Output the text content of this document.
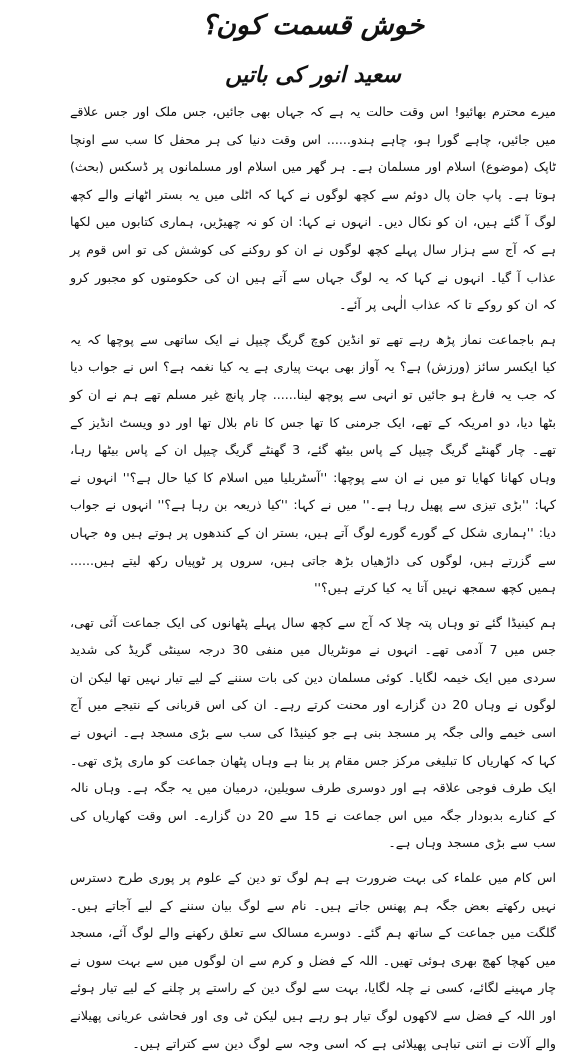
خوش قسمت کون؟
سعید انور کی باتیں

میرے محترم بھائیو! اس وقت حالت یہ ہے کہ جہاں بھی جائیں، جس ملک اور جس علاقے میں جائیں، چاہے گورا ہو، چاہے ہندو...... اس وقت دنیا کی ہر محفل کا سب سے اونچا ٹاپک (موضوع) اسلام اور مسلمان ہے۔ ہر گھر میں اسلام اور مسلمانوں پر ڈسکس (بحث) ہوتا ہے۔ پاپ جان پال دوئم سے کچھ لوگوں نے کہا کہ اٹلی میں یہ بستر اٹھانے والے کچھ لوگ آ گئے ہیں، ان کو نکال دیں۔ انہوں نے کہا: ان کو نہ چھیڑیں، ہماری کتابوں میں لکھا ہے کہ آج سے ہزار سال پہلے کچھ لوگوں نے ان کو روکنے کی کوشش کی تو اس قوم پر عذاب آ گیا۔ انہوں نے کہا کہ یہ لوگ جہاں سے آتے ہیں ان کی حکومتوں کو مجبور کرو کہ ان کو روکے تا کہ عذاب الٰہی پر آئے۔

ہم باجماعت نماز پڑھ رہے تھے تو انڈین کوچ گریگ چیپل نے ایک ساتھی سے پوچھا کہ یہ کیا ایکسر سائز (ورزش) ہے؟ یہ آواز بھی بہت پیاری ہے یہ کیا نغمہ ہے؟ اس نے جواب دیا کہ جب یہ فارغ ہو جائیں تو انہی سے پوچھ لینا...... چار پانچ غیر مسلم تھے ہم نے ان کو بٹھا دیا، دو امریکہ کے تھے، ایک جرمنی کا تھا جس کا نام بلال تھا اور دو ویسٹ انڈیز کے تھے۔ چار گھنٹے گریگ چیپل کے پاس بیٹھ گئے، 3 گھنٹے گریگ چیپل ان کے پاس بیٹھا رہا، وہاں کھانا کھایا تو میں نے ان سے پوچھا: ''آسٹریلیا میں اسلام کا کیا حال ہے؟'' انہوں نے کہا: ''بڑی تیزی سے پھیل رہا ہے۔'' میں نے کہا: ''کیا ذریعہ بن رہا ہے؟'' انہوں نے جواب دیا: ''ہماری شکل کے گورے گورے لوگ آتے ہیں، بستر ان کے کندھوں پر ہوتے ہیں وہ جہاں سے گزرتے ہیں، لوگوں کی داڑھیاں بڑھ جاتی ہیں، سروں پر ٹوپیاں رکھ لیتے ہیں...... ہمیں کچھ سمجھ نہیں آتا یہ کیا کرتے ہیں؟''

ہم کینیڈا گئے تو وہاں پتہ چلا کہ آج سے کچھ سال پہلے پٹھانوں کی ایک جماعت آئی تھی، جس میں 7 آدمی تھے۔ انہوں نے مونٹریال میں منفی 30 درجہ سینٹی گریڈ کی شدید سردی میں ایک خیمہ لگایا۔ کوئی مسلمان دین کی بات سننے کے لیے تیار نہیں تھا لیکن ان لوگوں نے وہاں 20 دن گزارے اور محنت کرتے رہے۔ ان کی اس قربانی کے نتیجے میں آج اسی خیمے والی جگہ پر مسجد بنی ہے جو کینیڈا کی سب سے بڑی مسجد ہے۔ انہوں نے کہا کہ کھاریاں کا تبلیغی مرکز جس مقام پر بنا ہے وہاں پٹھان جماعت کو ماری پڑی تھی۔ ایک طرف فوجی علاقہ ہے اور دوسری طرف سویلین، درمیان میں یہ جگہ ہے۔ وہاں نالہ کے کنارے بدبودار جگہ میں اس جماعت نے 15 سے 20 دن گزارے۔ اس وقت کھاریاں کی سب سے بڑی مسجد وہاں ہے۔

اس کام میں علماء کی بہت ضرورت ہے ہم لوگ تو دین کے علوم پر پوری طرح دسترس نہیں رکھتے بعض جگہ ہم پھنس جاتے ہیں۔ نام سے لوگ بیان سننے کے لیے آجاتے ہیں۔ گلگت میں جماعت کے ساتھ ہم گئے۔ دوسرے مسالک سے تعلق رکھنے والے لوگ آئے، مسجد میں کھچا کھچ بھری ہوئی تھیں۔ اللہ کے فضل و کرم سے ان لوگوں میں سے بہت سوں نے چار مہینے لگائے، کسی نے چلہ لگایا، بہت سے لوگ دین کے راستے پر چلنے کے لیے تیار ہوئے اور اللہ کے فضل سے لاکھوں لوگ تیار ہو رہے ہیں لیکن ٹی وی اور فحاشی عریانی پھیلانے والے آلات نے اتنی تباہی پھیلائی ہے کہ اسی وجہ سے لوگ دین سے کتراتے ہیں۔
